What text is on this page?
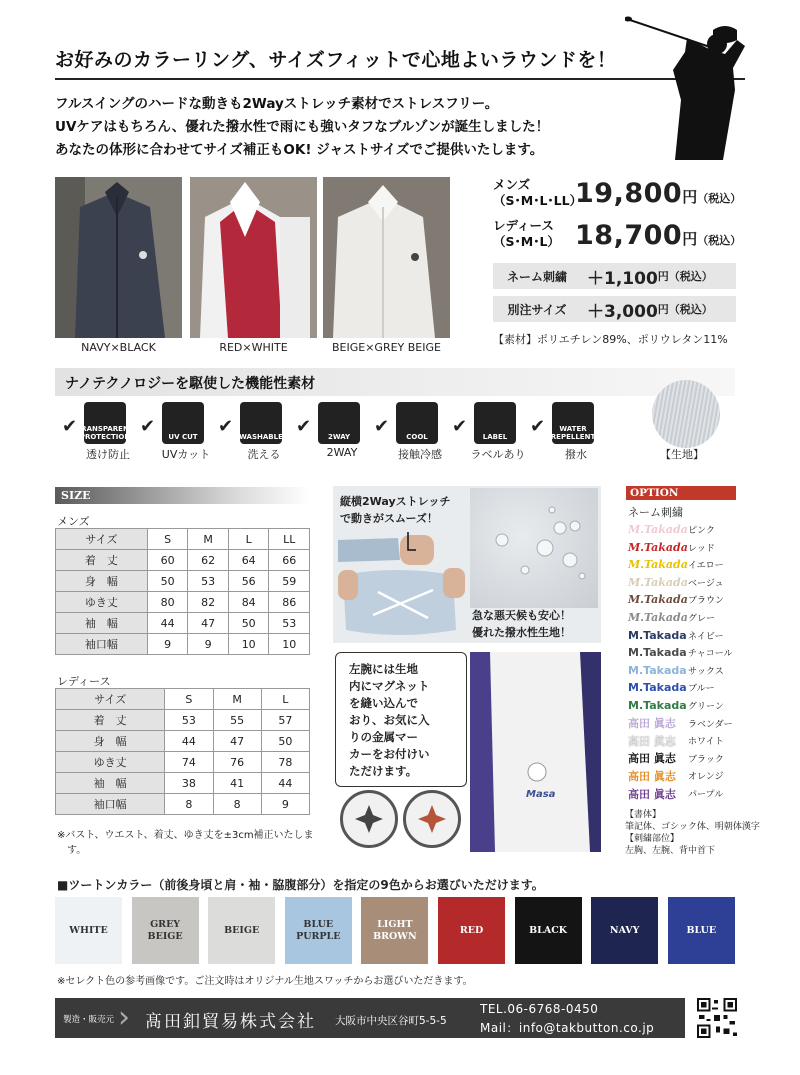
お好みのカラーリング、サイズフィットで心地よいラウンドを！
フルスイングのハードな動きも2Wayストレッチ素材でストレスフリー。
UVケアはもちろん、優れた撥水性で雨にも強いタフなブルゾンが誕生しました！
あなたの体形に合わせてサイズ補正もOK! ジャストサイズでご提供いたします。
NAVY×BLACK	RED×WHITE	BEIGE×GREY BEIGE
メンズ
（S･M･L･LL）
19,800円（税込）
レディース
（S･M･L） 18,700円（税込）
ネーム刺繍	＋1,100 円 （税込）
別注サイズ	＋3,000 円 （税込）
【素材】ポリエチレン89%、ポリウレタン11%
ナノテクノロジーを駆使した機能性素材
✔ TRANSPARENT PROTECTION
透け防止
✔	UV CUT
UVカット
✔ WASHABLE
洗える
✔	2WAY
2WAY
✔	COOL
接触冷感
✔	LABEL
ラベルあり
✔	WATER REPELLENT
撥水	【生地】
SIZE
メンズ
サイズ	S	M	L	LL
着　丈	60	62	64	66
身　幅	50	53	56	59
ゆき丈	80	82	84	86
袖　幅	44	47	50	53
袖口幅	9	9	10	10
レディース
サイズ	S	M	L
着　丈	53	55	57
身　幅	44	47	50
ゆき丈	74	76	78
袖　幅	38	41	44
袖口幅	8	8	9
※バスト、ウエスト、着丈、ゆき丈を±3cm補正いたしま
　す。
縦横2Wayストレッチ
で動きがスムーズ！
急な悪天候も安心！
優れた撥水性生地！
左腕には生地
内にマグネット
を縫い込んで
おり、お気に入
りの金属マー
カーをお付けい
ただけます。
Masa
OPTION
ネーム刺繍
M.Takada ピンク
M.Takada レッド
M.Takada イエロー
M.Takada ベージュ
M.Takada ブラウン
M.Takada グレー
M.Takada ネイビー
M.Takada チャコール
M.Takada サックス
M.Takada ブルー
M.Takada グリーン
高田 眞志	ラベンダー
高田 眞志	ホワイト
高田 眞志	ブラック
高田 眞志	オレンジ
高田 眞志	パープル
【書体】
筆記体、ゴシック体、明朝体漢字
【刺繍部位】
左胸、左腕、背中首下
■ツートンカラー（前後身頃と肩・袖・脇腹部分）を指定の9色からお選びいただけます。
WHITE
GREY
BEIGE
BEIGE
BLUE
PURPLE
LIGHT
BROWN
RED	BLACK	NAVY	BLUE
※セレクト色の参考画像です。ご注文時はオリジナル生地スワッチからお選びいただきます。
製造・販売元 › 髙田釦貿易株式会社 大阪市中央区谷町5-5-5
TEL.06-6768-0450
Mail：info@takbutton.co.jp
